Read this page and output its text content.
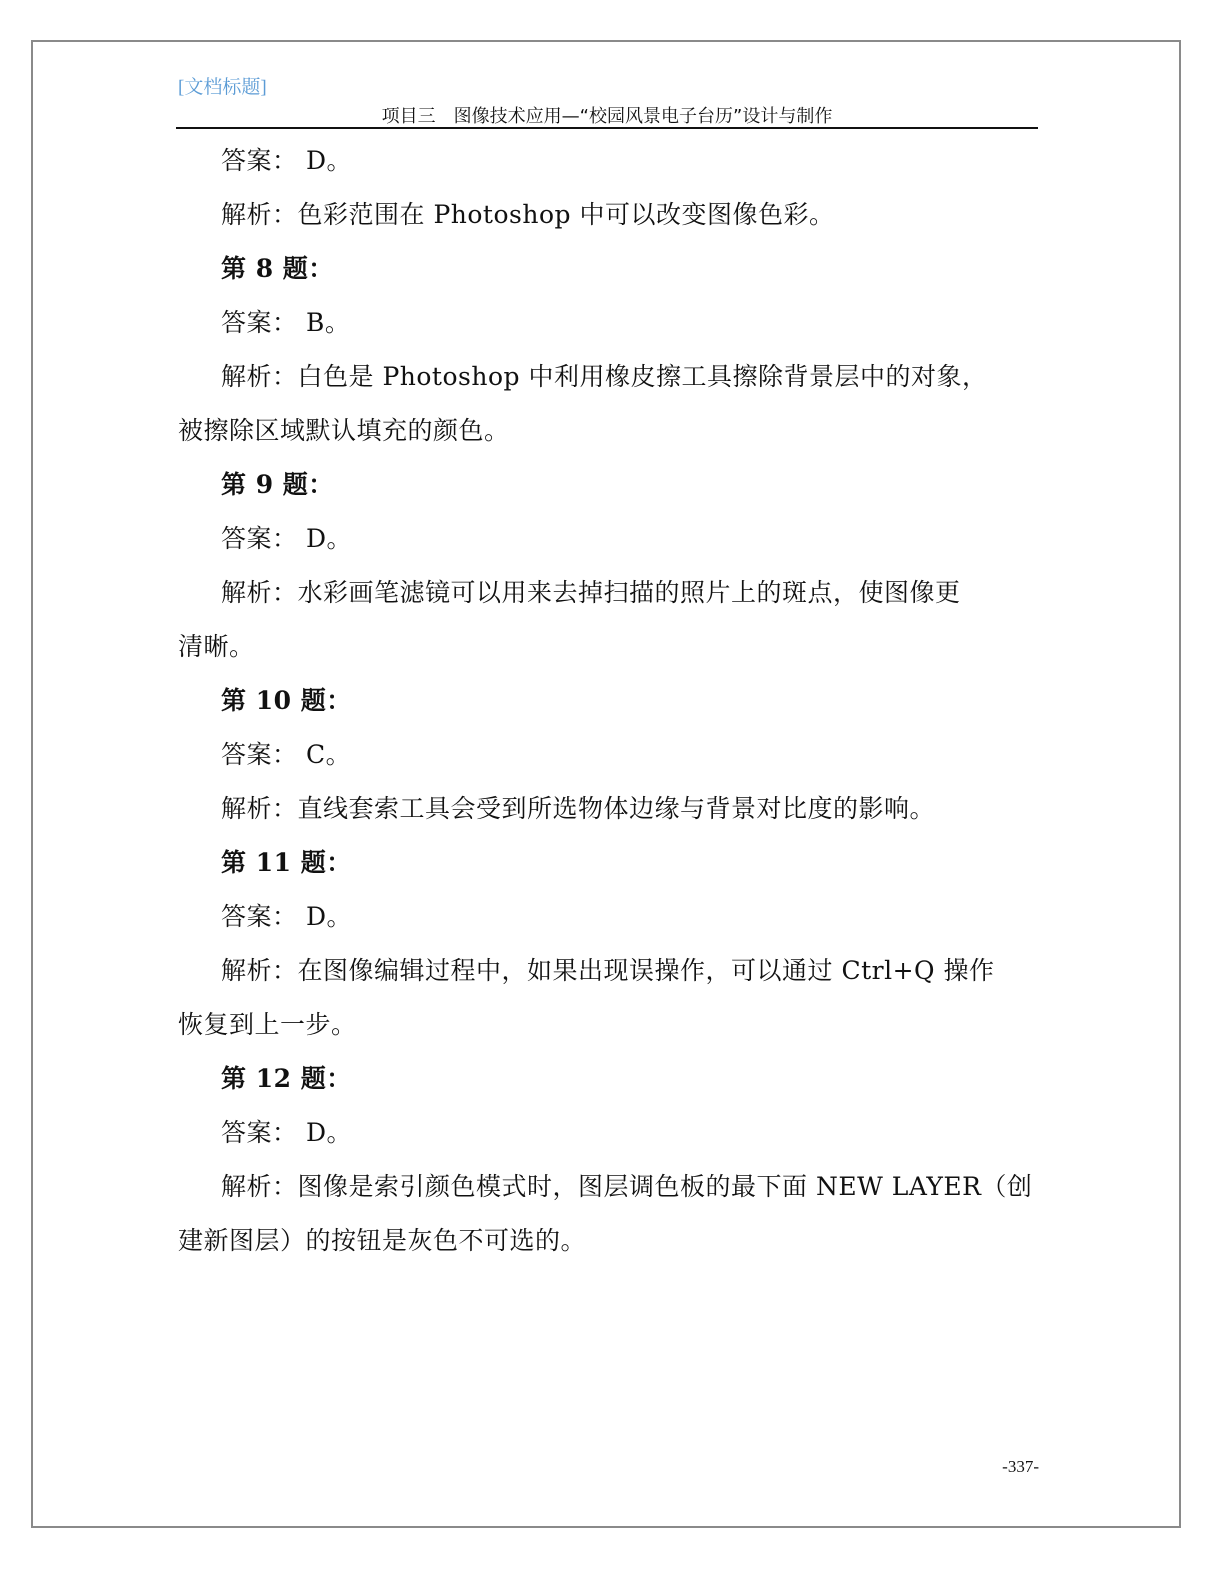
[文档标题]
项目三　图像技术应用—“校园风景电子台历”设计与制作

答案： D。

解析：色彩范围在 Photoshop 中可以改变图像色彩。

第 8 题：

答案： B。

解析：白色是 Photoshop 中利用橡皮擦工具擦除背景层中的对象，

被擦除区域默认填充的颜色。

第 9 题：

答案： D。

解析：水彩画笔滤镜可以用来去掉扫描的照片上的斑点，使图像更

清晰。

第 10 题：

答案： C。

解析：直线套索工具会受到所选物体边缘与背景对比度的影响。

第 11 题：

答案： D。

解析：在图像编辑过程中，如果出现误操作，可以通过 Ctrl+Q 操作

恢复到上一步。

第 12 题：

答案： D。

解析：图像是索引颜色模式时，图层调色板的最下面 NEW LAYER（创

建新图层）的按钮是灰色不可选的。

-337-
